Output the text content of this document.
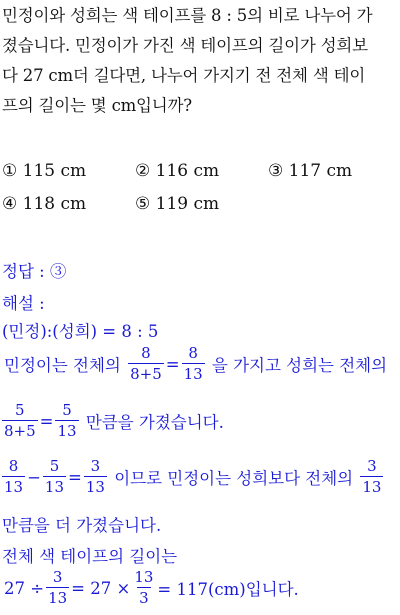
민정이와 성희는 색 테이프를 8 : 5의 비로 나누어 가
졌습니다. 민정이가 가진 색 테이프의 길이가 성희보
다 27 cm더 길다면, 나누어 가지기 전 전체 색 테이
프의 길이는 몇 cm입니까?
① 115 cm	② 116 cm	③ 117 cm
④ 118 cm	⑤ 119 cm
정답 : ③
해설 :
(민정):(성희) = 8 : 5
민정이는 전체의 $\frac{8}{8+5} = \frac{8}{13}$ 을 가지고 성희는 전체의
$\frac{5}{8+5} = \frac{5}{13}$ 만큼을 가졌습니다.
$\frac{8}{13} - \frac{5}{13} = \frac{3}{13}$ 이므로 민정이는 성희보다 전체의 $\frac{3}{13}$
만큼을 더 가졌습니다.
전체 색 테이프의 길이는
$27 \div \frac{3}{13} = 27 \times \frac{13}{3} = 117(cm)$입니다.
